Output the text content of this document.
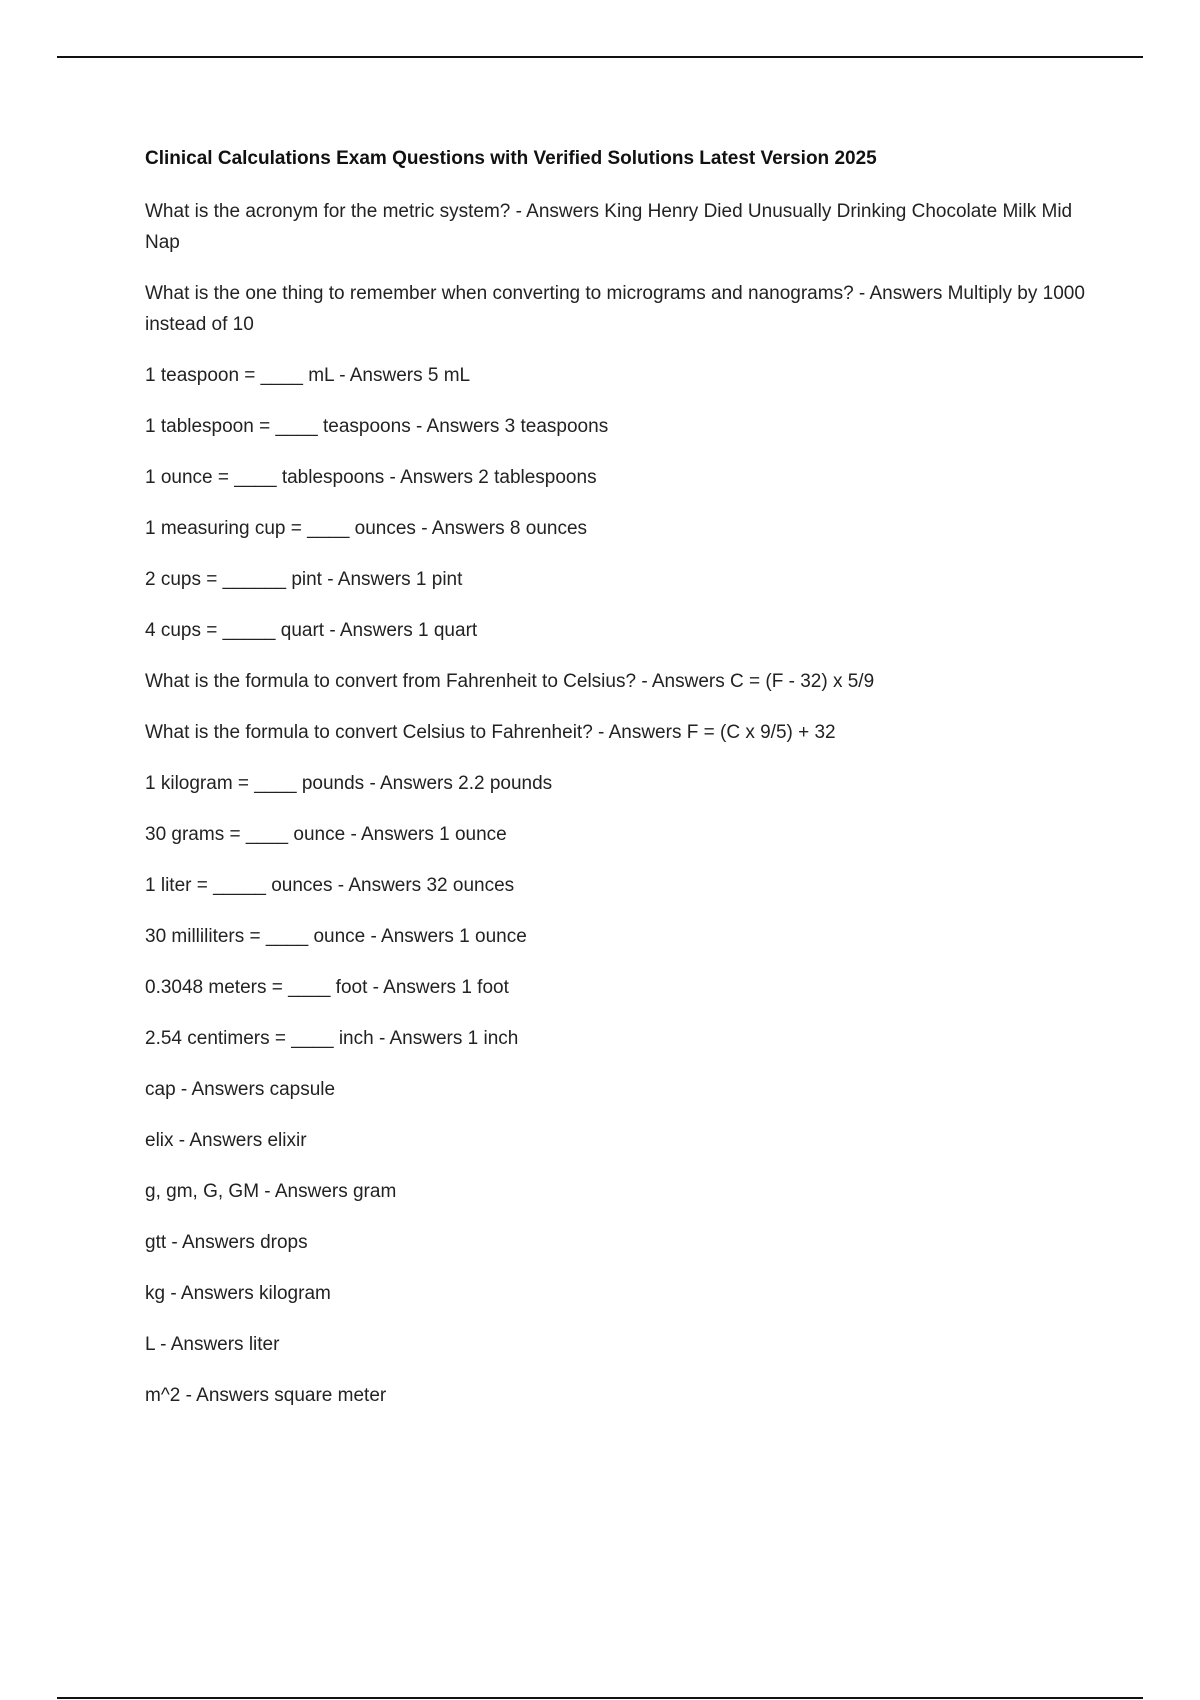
Clinical Calculations Exam Questions with Verified Solutions Latest Version 2025
What is the acronym for the metric system? - Answers King Henry Died Unusually Drinking Chocolate Milk Mid Nap
What is the one thing to remember when converting to micrograms and nanograms? - Answers Multiply by 1000 instead of 10
1 teaspoon = ____ mL - Answers 5 mL
1 tablespoon = ____ teaspoons - Answers 3 teaspoons
1 ounce = ____ tablespoons - Answers 2 tablespoons
1 measuring cup = ____ ounces - Answers 8 ounces
2 cups = ______ pint - Answers 1 pint
4 cups = _____ quart - Answers 1 quart
What is the formula to convert from Fahrenheit to Celsius? - Answers C = (F - 32) x 5/9
What is the formula to convert Celsius to Fahrenheit? - Answers F = (C x 9/5) + 32
1 kilogram = ____ pounds - Answers 2.2 pounds
30 grams = ____ ounce - Answers 1 ounce
1 liter = _____ ounces - Answers 32 ounces
30 milliliters = ____ ounce - Answers 1 ounce
0.3048 meters = ____ foot - Answers 1 foot
2.54 centimers = ____ inch - Answers 1 inch
cap - Answers capsule
elix - Answers elixir
g, gm, G, GM - Answers gram
gtt - Answers drops
kg - Answers kilogram
L - Answers liter
m^2 - Answers square meter
